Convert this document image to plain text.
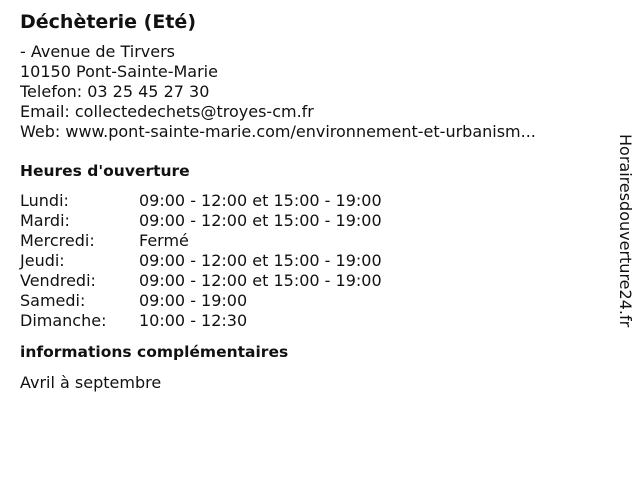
Déchèterie (Eté)
- Avenue de Tirvers
10150 Pont-Sainte-Marie
Telefon: 03 25 45 27 30
Email: collectedechets@troyes-cm.fr
Web: www.pont-sainte-marie.com/environnement-et-urbanism...
Heures d'ouverture
Lundi:	09:00 - 12:00 et 15:00 - 19:00
Mardi:	09:00 - 12:00 et 15:00 - 19:00
Mercredi:	Fermé
Jeudi:	09:00 - 12:00 et 15:00 - 19:00
Vendredi:	09:00 - 12:00 et 15:00 - 19:00
Samedi:	09:00 - 19:00
Dimanche:	10:00 - 12:30
informations complémentaires
Avril à septembre
Horairesdouverture24.fr
